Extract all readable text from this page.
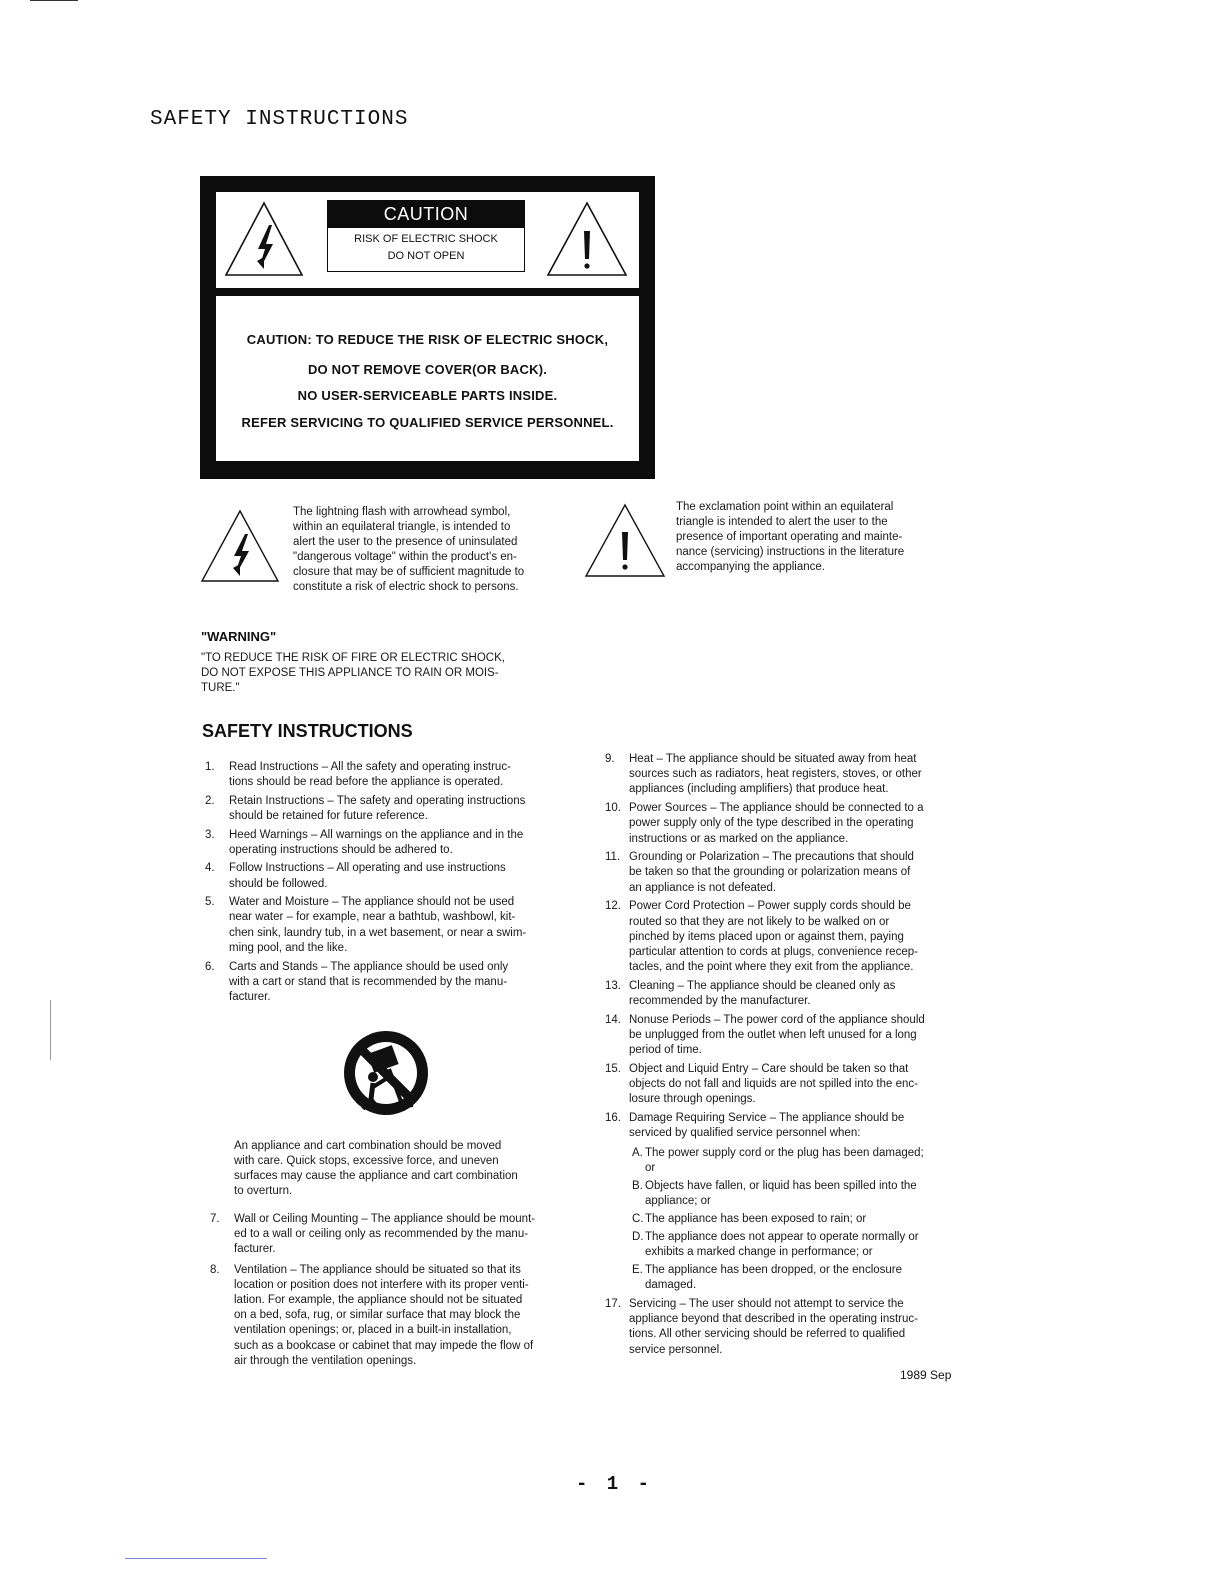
SAFETY INSTRUCTIONS
CAUTION
RISK OF ELECTRIC SHOCK
DO NOT OPEN
CAUTION: TO REDUCE THE RISK OF ELECTRIC SHOCK,
DO NOT REMOVE COVER(OR BACK).
NO USER-SERVICEABLE PARTS INSIDE.
REFER SERVICING TO QUALIFIED SERVICE PERSONNEL.
The lightning flash with arrowhead symbol,
within an equilateral triangle, is intended to
alert the user to the presence of uninsulated
"dangerous voltage" within the product's en-
closure that may be of sufficient magnitude to
constitute a risk of electric shock to persons.
The exclamation point within an equilateral
triangle is intended to alert the user to the
presence of important operating and mainte-
nance (servicing) instructions in the literature
accompanying the appliance.
"WARNING"
"TO REDUCE THE RISK OF FIRE OR ELECTRIC SHOCK,
DO NOT EXPOSE THIS APPLIANCE TO RAIN OR MOIS-
TURE."
SAFETY INSTRUCTIONS
1. Read Instructions – All the safety and operating instruc-
tions should be read before the appliance is operated.
2. Retain Instructions – The safety and operating instructions
should be retained for future reference.
3. Heed Warnings – All warnings on the appliance and in the
operating instructions should be adhered to.
4. Follow Instructions – All operating and use instructions
should be followed.
5. Water and Moisture – The appliance should not be used
near water – for example, near a bathtub, washbowl, kit-
chen sink, laundry tub, in a wet basement, or near a swim-
ming pool, and the like.
6. Carts and Stands – The appliance should be used only
with a cart or stand that is recommended by the manu-
facturer.
An appliance and cart combination should be moved
with care. Quick stops, excessive force, and uneven
surfaces may cause the appliance and cart combination
to overturn.
7. Wall or Ceiling Mounting – The appliance should be mount-
ed to a wall or ceiling only as recommended by the manu-
facturer.
8. Ventilation – The appliance should be situated so that its
location or position does not interfere with its proper venti-
lation. For example, the appliance should not be situated
on a bed, sofa, rug, or similar surface that may block the
ventilation openings; or, placed in a built-in installation,
such as a bookcase or cabinet that may impede the flow of
air through the ventilation openings.
9. Heat – The appliance should be situated away from heat
sources such as radiators, heat registers, stoves, or other
appliances (including amplifiers) that produce heat.
10. Power Sources – The appliance should be connected to a
power supply only of the type described in the operating
instructions or as marked on the appliance.
11. Grounding or Polarization – The precautions that should
be taken so that the grounding or polarization means of
an appliance is not defeated.
12. Power Cord Protection – Power supply cords should be
routed so that they are not likely to be walked on or
pinched by items placed upon or against them, paying
particular attention to cords at plugs, convenience recep-
tacles, and the point where they exit from the appliance.
13. Cleaning – The appliance should be cleaned only as
recommended by the manufacturer.
14. Nonuse Periods – The power cord of the appliance should
be unplugged from the outlet when left unused for a long
period of time.
15. Object and Liquid Entry – Care should be taken so that
objects do not fall and liquids are not spilled into the enc-
losure through openings.
16. Damage Requiring Service – The appliance should be
serviced by qualified service personnel when:
A. The power supply cord or the plug has been damaged;
or
B. Objects have fallen, or liquid has been spilled into the
appliance; or
C. The appliance has been exposed to rain; or
D. The appliance does not appear to operate normally or
exhibits a marked change in performance; or
E. The appliance has been dropped, or the enclosure
damaged.
17. Servicing – The user should not attempt to service the
appliance beyond that described in the operating instruc-
tions. All other servicing should be referred to qualified
service personnel.
1989 Sep
- 1 -
